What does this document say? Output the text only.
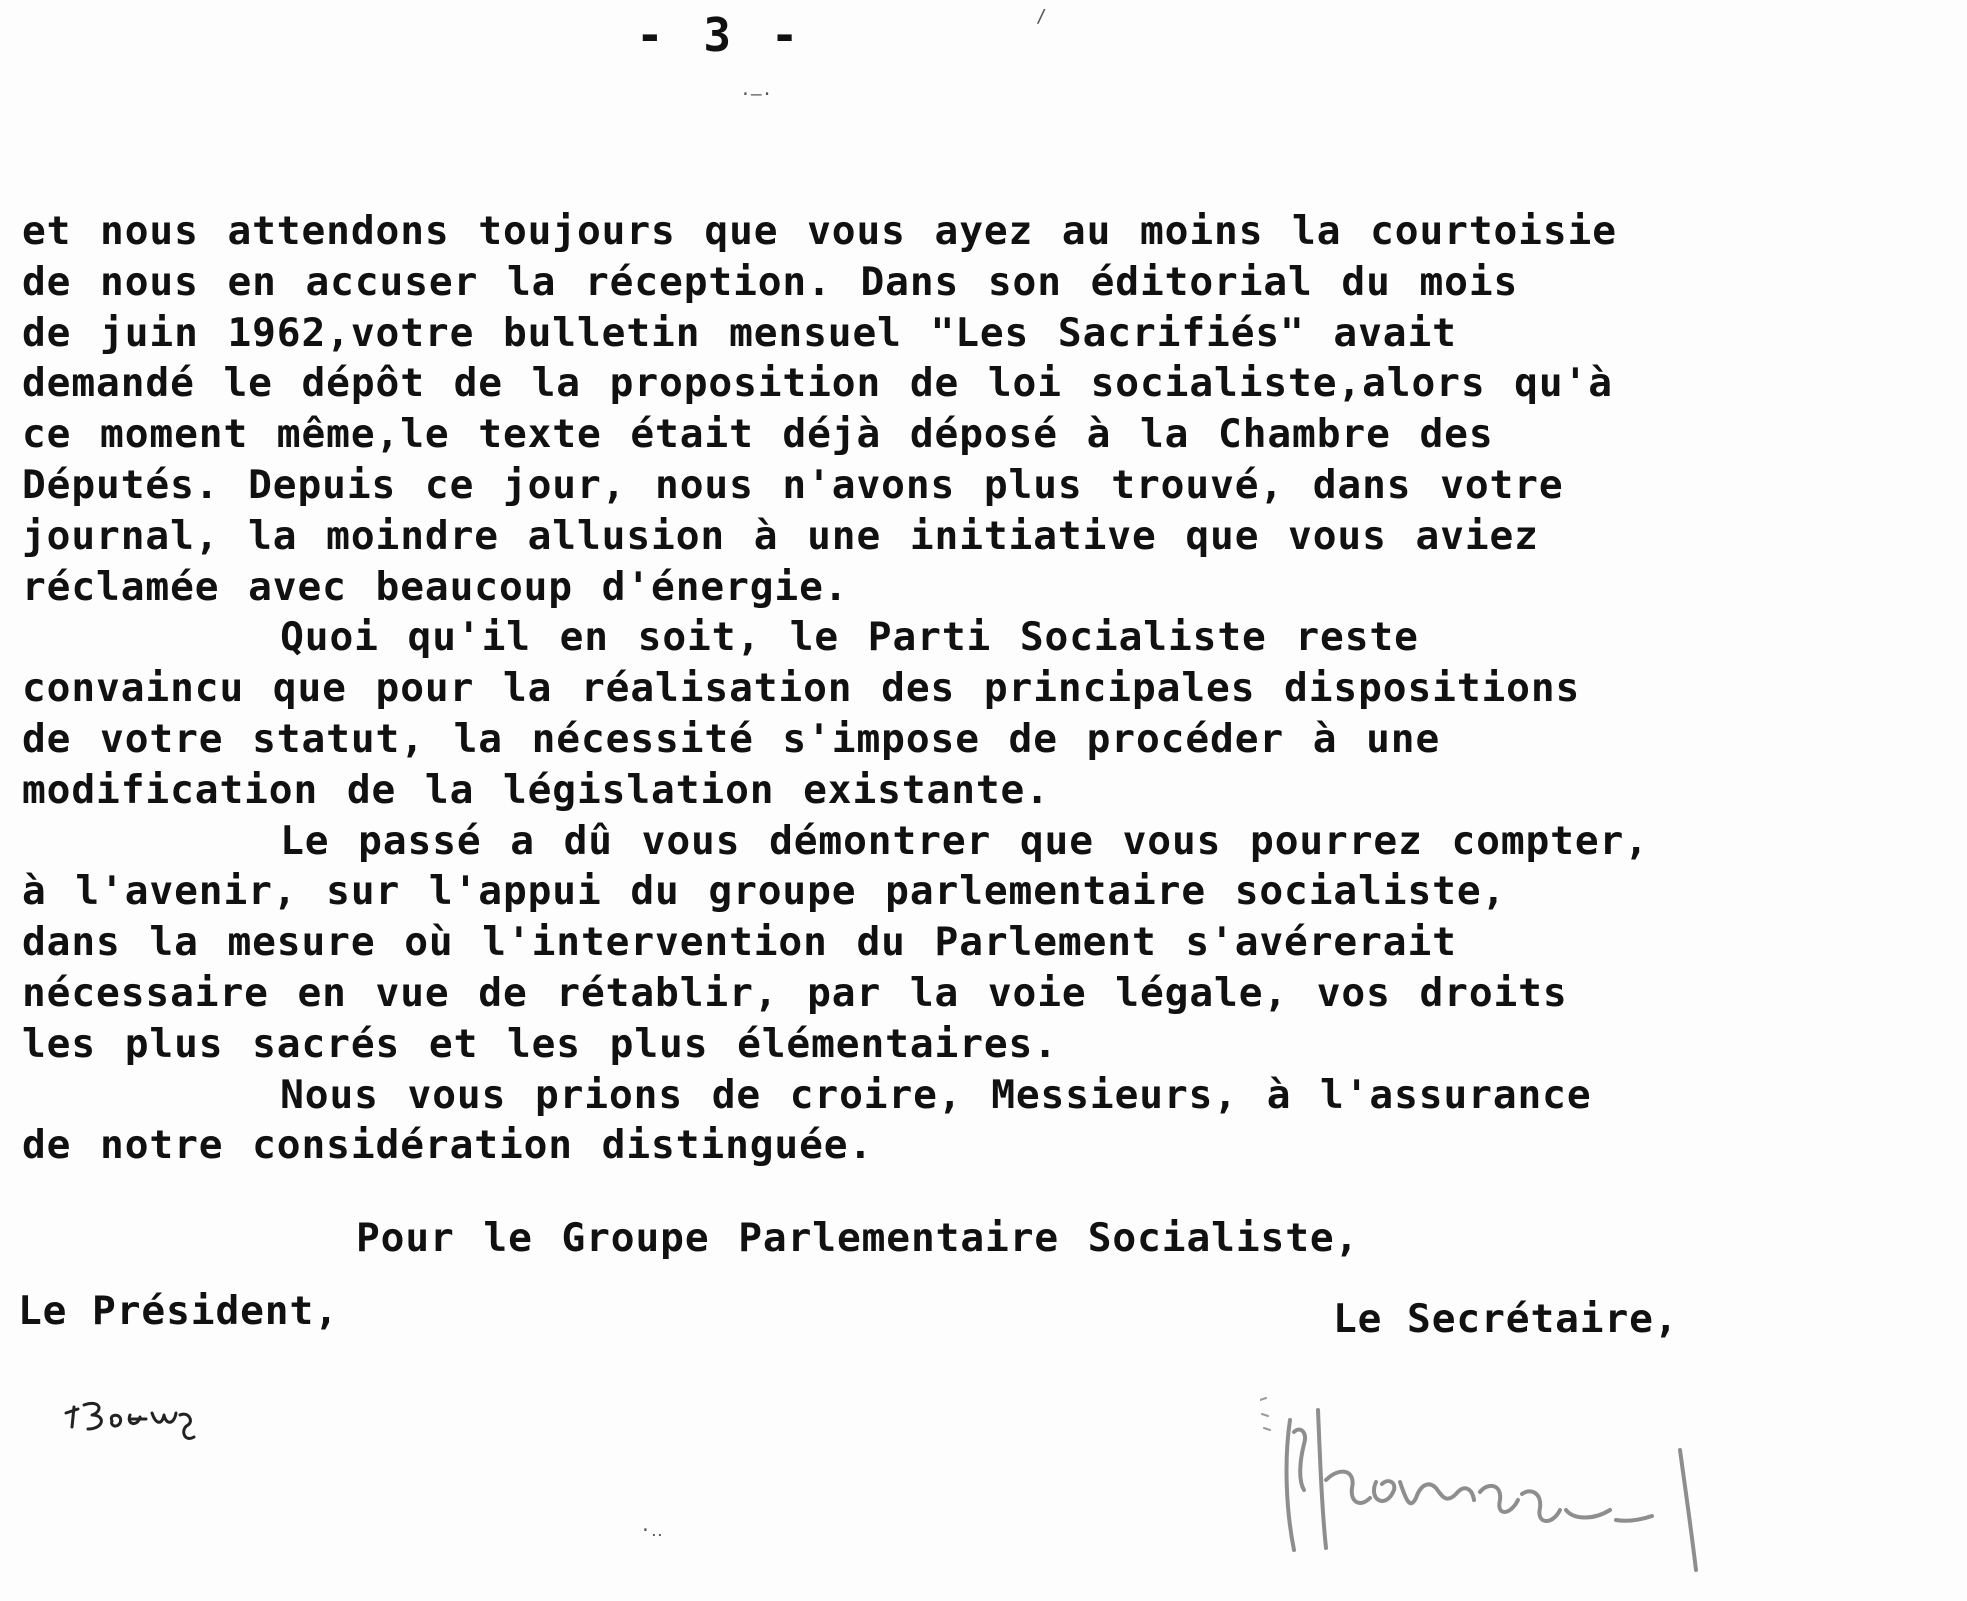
- 3 -
·—·
/
et nous attendons toujours que vous ayez au moins la courtoisie
de nous en accuser la réception. Dans son éditorial du mois
de juin 1962,votre bulletin mensuel "Les Sacrifiés" avait
demandé le dépôt de la proposition de loi socialiste,alors qu'à
ce moment même,le texte était déjà déposé à la Chambre des
Députés. Depuis ce jour, nous n'avons plus trouvé, dans votre
journal, la moindre allusion à une initiative que vous aviez
réclamée avec beaucoup d'énergie.
Quoi qu'il en soit, le Parti Socialiste reste
convaincu que pour la réalisation des principales dispositions
de votre statut, la nécessité s'impose de procéder à une
modification de la législation existante.
Le passé a dû vous démontrer que vous pourrez compter,
à l'avenir, sur l'appui du groupe parlementaire socialiste,
dans la mesure où l'intervention du Parlement s'avérerait
nécessaire en vue de rétablir, par la voie légale, vos droits
les plus sacrés et les plus élémentaires.
Nous vous prions de croire, Messieurs, à l'assurance
de notre considération distinguée.
Pour le Groupe Parlementaire Socialiste,
Le Président,	Le Secrétaire,
·‥
